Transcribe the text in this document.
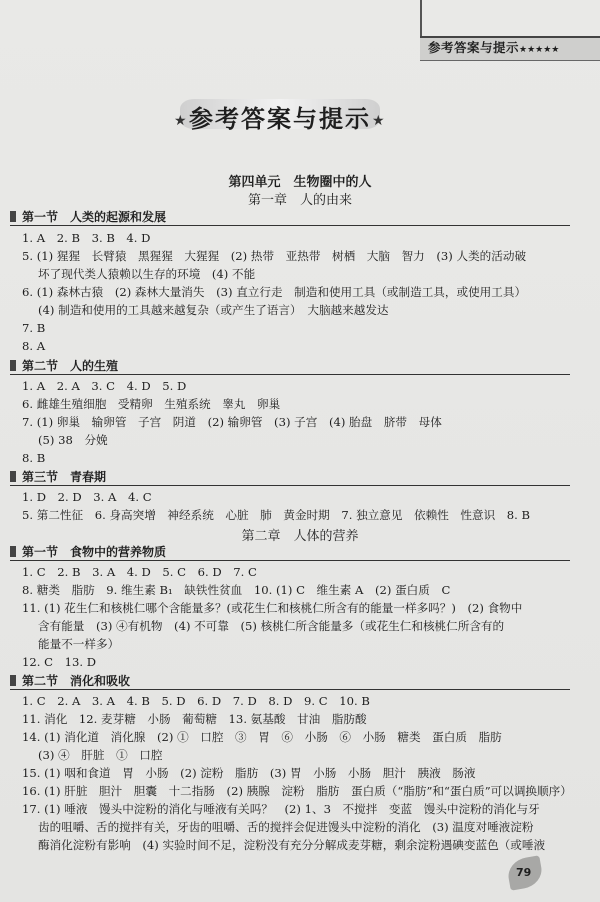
参考答案与提示★★★★★
★	★
参考答案与提示
第四单元　生物圈中的人
第一章　人的由来
第一节　人类的起源和发展
1. A　2. B　3. B　4. D
5. (1) 猩猩　长臂猿　黑猩猩　大猩猩　(2) 热带　亚热带　树栖　大脑　智力　(3) 人类的活动破
坏了现代类人猿赖以生存的环境　(4) 不能
6. (1) 森林古猿　(2) 森林大量消失　(3) 直立行走　制造和使用工具（或制造工具，或使用工具）
(4) 制造和使用的工具越来越复杂（或产生了语言）　大脑越来越发达
7. B
8. A
第二节　人的生殖
1. A　2. A　3. C　4. D　5. D
6. 雌雄生殖细胞　受精卵　生殖系统　睾丸　卵巢
7. (1) 卵巢　输卵管　子宫　阴道　(2) 输卵管　(3) 子宫　(4) 胎盘　脐带　母体
(5) 38　分娩
8. B
第三节　青春期
1. D　2. D　3. A　4. C
5. 第二性征　6. 身高突增　神经系统　心脏　肺　黄金时期　7. 独立意见　依赖性　性意识　8. B
第二章　人体的营养
第一节　食物中的营养物质
1. C　2. B　3. A　4. D　5. C　6. D　7. C
8. 糖类　脂肪　9. 维生素 B₁　缺铁性贫血　10. (1) C　维生素 A　(2) 蛋白质　C
11. (1) 花生仁和核桃仁哪个含能量多？(或花生仁和核桃仁所含有的能量一样多吗？)　(2) 食物中
含有能量　(3) ④有机物　(4) 不可靠　(5) 核桃仁所含能量多（或花生仁和核桃仁所含有的
能量不一样多）
12. C　13. D
第二节　消化和吸收
1. C　2. A　3. A　4. B　5. D　6. D　7. D　8. D　9. C　10. B
11. 消化　12. 麦芽糖　小肠　葡萄糖　13. 氨基酸　甘油　脂肪酸
14. (1) 消化道　消化腺　(2) ①　口腔　③　胃　⑥　小肠　⑥　小肠　糖类　蛋白质　脂肪
(3) ④　肝脏　①　口腔
15. (1) 咽和食道　胃　小肠　(2) 淀粉　脂肪　(3) 胃　小肠　小肠　胆汁　胰液　肠液
16. (1) 肝脏　胆汁　胆囊　十二指肠　(2) 胰腺　淀粉　脂肪　蛋白质（“脂肪”和“蛋白质”可以调换顺序）
17. (1) 唾液　馒头中淀粉的消化与唾液有关吗？　(2) 1、3　不搅拌　变蓝　馒头中淀粉的消化与牙
齿的咀嚼、舌的搅拌有关，牙齿的咀嚼、舌的搅拌会促进馒头中淀粉的消化　(3) 温度对唾液淀粉
酶消化淀粉有影响　(4) 实验时间不足，淀粉没有充分分解成麦芽糖，剩余淀粉遇碘变蓝色（或唾液
79
